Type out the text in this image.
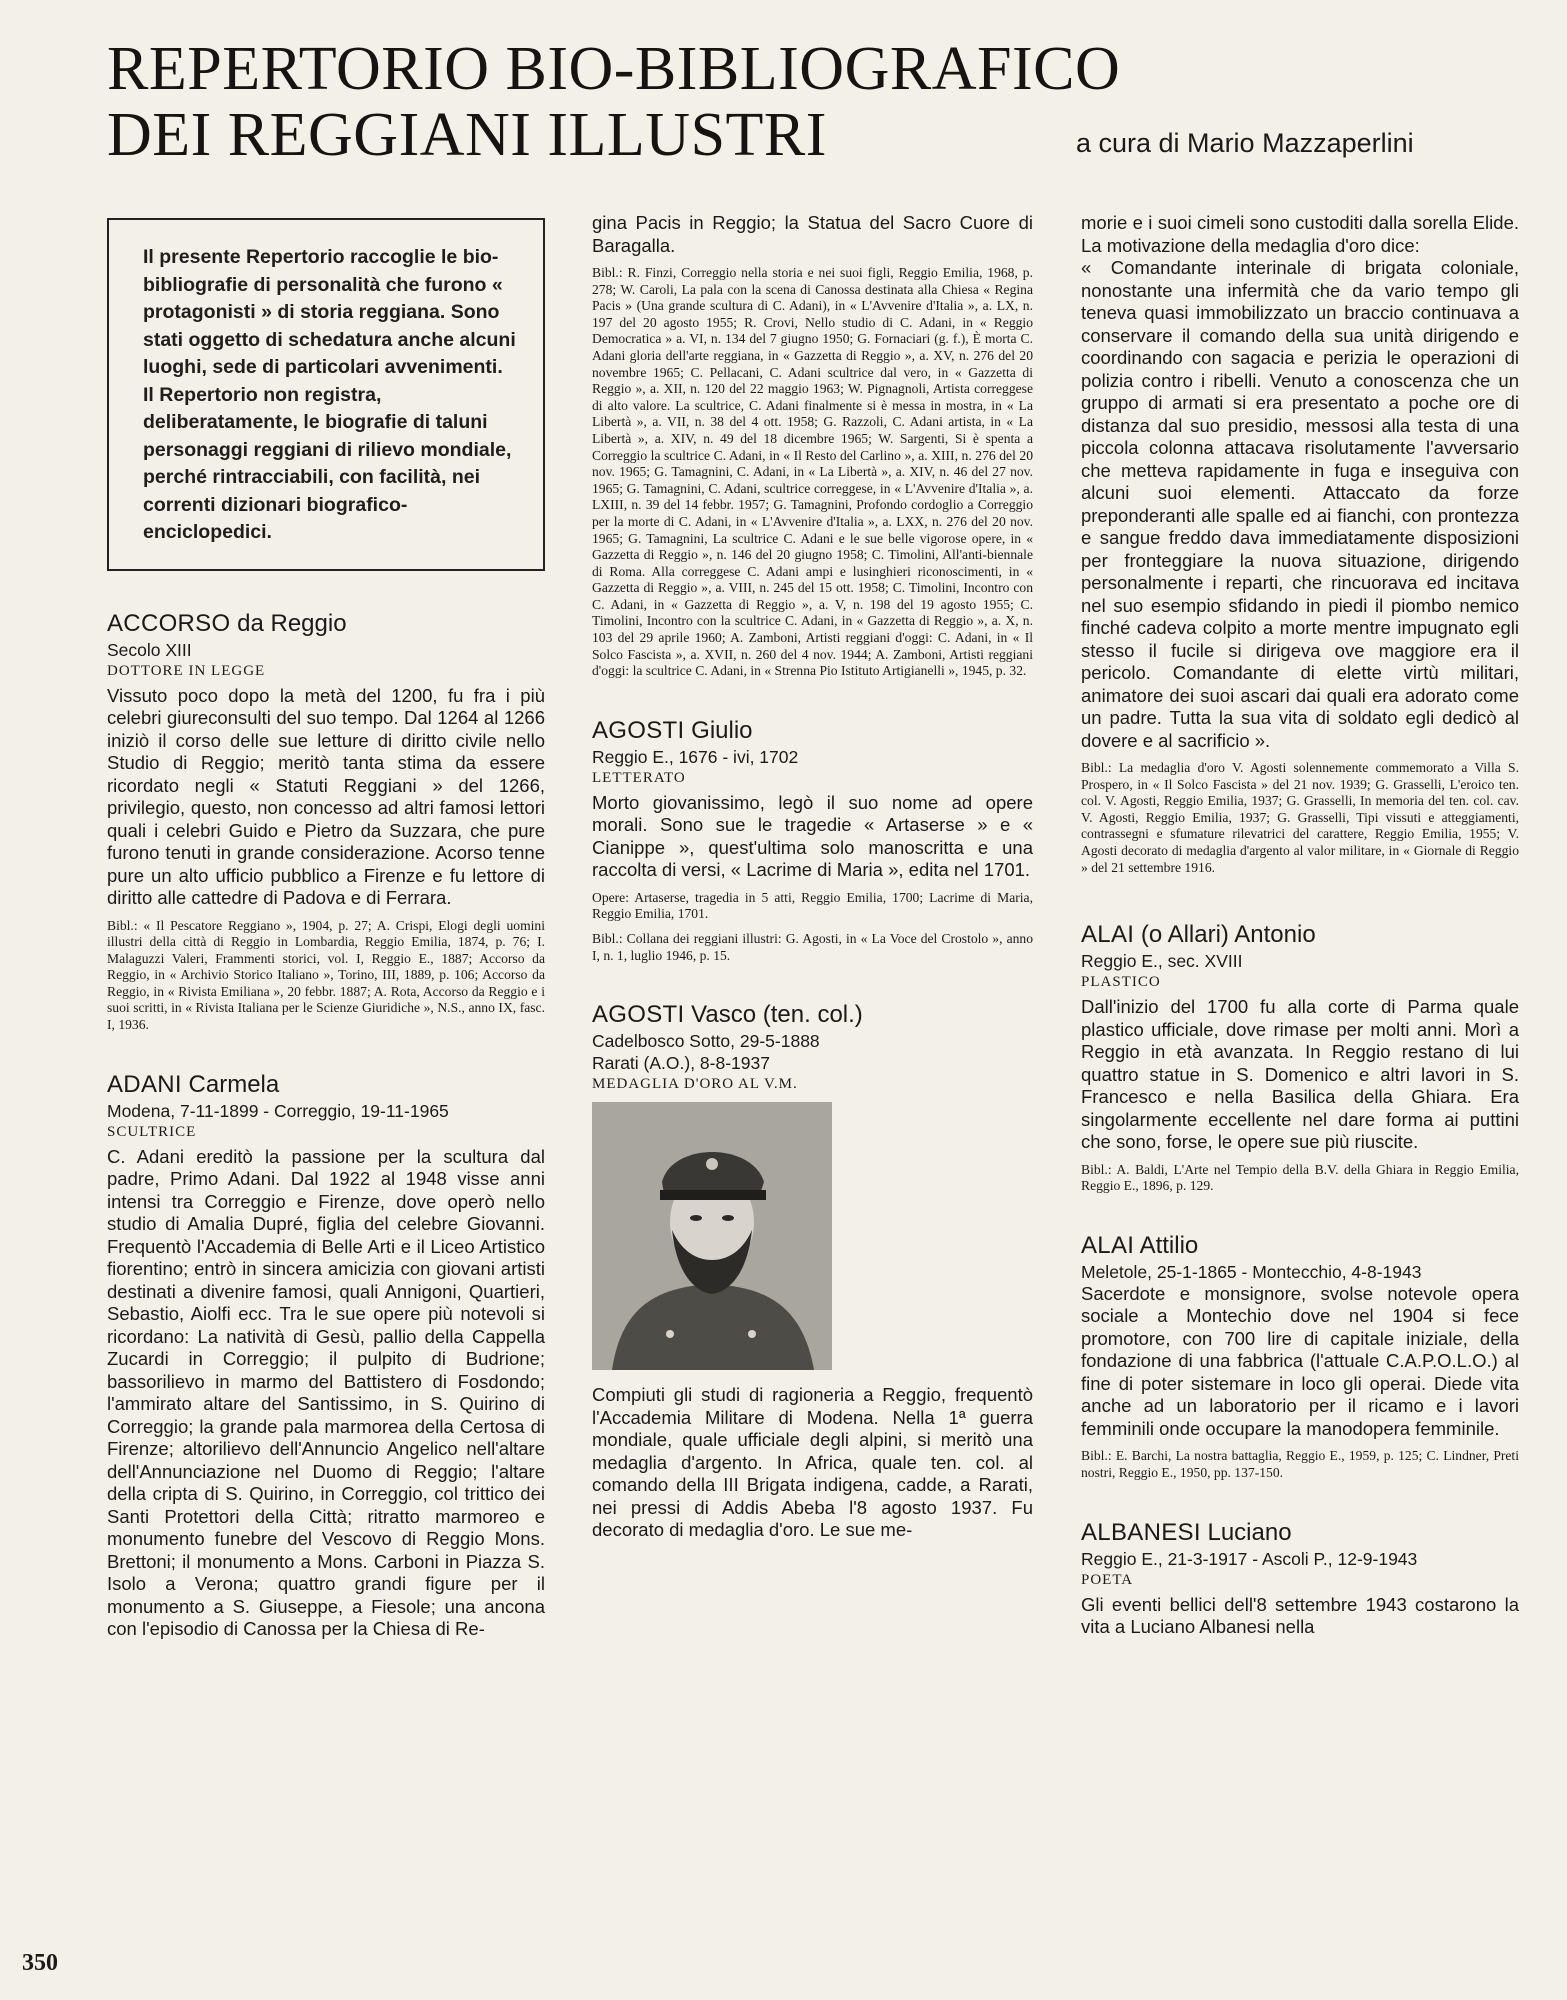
REPERTORIO BIO-BIBLIOGRAFICO
DEI REGGIANI ILLUSTRI	a cura di Mario Mazzaperlini
Il presente Repertorio raccoglie le bio-bibliografie di personalità che furono « protagonisti » di storia reggiana. Sono stati oggetto di schedatura anche alcuni luoghi, sede di particolari avvenimenti. Il Repertorio non registra, deliberatamente, le biografie di taluni personaggi reggiani di rilievo mondiale, perché rintracciabili, con facilità, nei correnti dizionari biografico-enciclopedici.

ACCORSO da Reggio

Secolo XIII

DOTTORE IN LEGGE

Vissuto poco dopo la metà del 1200, fu fra i più celebri giureconsulti del suo tempo. Dal 1264 al 1266 iniziò il corso delle sue letture di diritto civile nello Studio di Reggio; meritò tanta stima da essere ricordato negli « Statuti Reggiani » del 1266, privilegio, questo, non concesso ad altri famosi lettori quali i celebri Guido e Pietro da Suzzara, che pure furono tenuti in grande considerazione. Acorso tenne pure un alto ufficio pubblico a Firenze e fu lettore di diritto alle cattedre di Padova e di Ferrara.

Bibl.: « Il Pescatore Reggiano », 1904, p. 27; A. Crispi, Elogi degli uomini illustri della città di Reggio in Lombardia, Reggio Emilia, 1874, p. 76; I. Malaguzzi Valeri, Frammenti storici, vol. I, Reggio E., 1887; Accorso da Reggio, in « Archivio Storico Italiano », Torino, III, 1889, p. 106; Accorso da Reggio, in « Rivista Emiliana », 20 febbr. 1887; A. Rota, Accorso da Reggio e i suoi scritti, in « Rivista Italiana per le Scienze Giuridiche », N.S., anno IX, fasc. I, 1936.

ADANI Carmela

Modena, 7-11-1899 - Correggio, 19-11-1965

SCULTRICE

C. Adani ereditò la passione per la scultura dal padre, Primo Adani. Dal 1922 al 1948 visse anni intensi tra Correggio e Firenze, dove operò nello studio di Amalia Dupré, figlia del celebre Giovanni. Frequentò l'Accademia di Belle Arti e il Liceo Artistico fiorentino; entrò in sincera amicizia con giovani artisti destinati a divenire famosi, quali Annigoni, Quartieri, Sebastio, Aiolfi ecc. Tra le sue opere più notevoli si ricordano: La natività di Gesù, pallio della Cappella Zucardi in Correggio; il pulpito di Budrione; bassorilievo in marmo del Battistero di Fosdondo; l'ammirato altare del Santissimo, in S. Quirino di Correggio; la grande pala marmorea della Certosa di Firenze; altorilievo dell'Annuncio Angelico nell'altare dell'Annunciazione nel Duomo di Reggio; l'altare della cripta di S. Quirino, in Correggio, col trittico dei Santi Protettori della Città; ritratto marmoreo e monumento funebre del Vescovo di Reggio Mons. Brettoni; il monumento a Mons. Carboni in Piazza S. Isolo a Verona; quattro grandi figure per il monumento a S. Giuseppe, a Fiesole; una ancona con l'episodio di Canossa per la Chiesa di Re-

gina Pacis in Reggio; la Statua del Sacro Cuore di Baragalla.

Bibl.: R. Finzi, Correggio nella storia e nei suoi figli, Reggio Emilia, 1968, p. 278; W. Caroli, La pala con la scena di Canossa destinata alla Chiesa « Regina Pacis » (Una grande scultura di C. Adani), in « L'Avvenire d'Italia », a. LX, n. 197 del 20 agosto 1955; R. Crovi, Nello studio di C. Adani, in « Reggio Democratica » a. VI, n. 134 del 7 giugno 1950; G. Fornaciari (g. f.), È morta C. Adani gloria dell'arte reggiana, in « Gazzetta di Reggio », a. XV, n. 276 del 20 novembre 1965; C. Pellacani, C. Adani scultrice dal vero, in « Gazzetta di Reggio », a. XII, n. 120 del 22 maggio 1963; W. Pignagnoli, Artista correggese di alto valore. La scultrice, C. Adani finalmente si è messa in mostra, in « La Libertà », a. VII, n. 38 del 4 ott. 1958; G. Razzoli, C. Adani artista, in « La Libertà », a. XIV, n. 49 del 18 dicembre 1965; W. Sargenti, Si è spenta a Correggio la scultrice C. Adani, in « Il Resto del Carlino », a. XIII, n. 276 del 20 nov. 1965; G. Tamagnini, C. Adani, in « La Libertà », a. XIV, n. 46 del 27 nov. 1965; G. Tamagnini, C. Adani, scultrice correggese, in « L'Avvenire d'Italia », a. LXIII, n. 39 del 14 febbr. 1957; G. Tamagnini, Profondo cordoglio a Correggio per la morte di C. Adani, in « L'Avvenire d'Italia », a. LXX, n. 276 del 20 nov. 1965; G. Tamagnini, La scultrice C. Adani e le sue belle vigorose opere, in « Gazzetta di Reggio », n. 146 del 20 giugno 1958; C. Timolini, All'anti-biennale di Roma. Alla correggese C. Adani ampi e lusinghieri riconoscimenti, in « Gazzetta di Reggio », a. VIII, n. 245 del 15 ott. 1958; C. Timolini, Incontro con C. Adani, in « Gazzetta di Reggio », a. V, n. 198 del 19 agosto 1955; C. Timolini, Incontro con la scultrice C. Adani, in « Gazzetta di Reggio », a. X, n. 103 del 29 aprile 1960; A. Zamboni, Artisti reggiani d'oggi: C. Adani, in « Il Solco Fascista », a. XVII, n. 260 del 4 nov. 1944; A. Zamboni, Artisti reggiani d'oggi: la scultrice C. Adani, in « Strenna Pio Istituto Artigianelli », 1945, p. 32.

AGOSTI Giulio

Reggio E., 1676 - ivi, 1702

LETTERATO

Morto giovanissimo, legò il suo nome ad opere morali. Sono sue le tragedie « Artaserse » e « Cianippe », quest'ultima solo manoscritta e una raccolta di versi, « Lacrime di Maria », edita nel 1701.

Opere: Artaserse, tragedia in 5 atti, Reggio Emilia, 1700; Lacrime di Maria, Reggio Emilia, 1701.

Bibl.: Collana dei reggiani illustri: G. Agosti, in « La Voce del Crostolo », anno I, n. 1, luglio 1946, p. 15.

AGOSTI Vasco (ten. col.)

Cadelbosco Sotto, 29-5-1888

Rarati (A.O.), 8-8-1937

MEDAGLIA D'ORO AL V.M.

Compiuti gli studi di ragioneria a Reggio, frequentò l'Accademia Militare di Modena. Nella 1ª guerra mondiale, quale ufficiale degli alpini, si meritò una medaglia d'argento. In Africa, quale ten. col. al comando della III Brigata indigena, cadde, a Rarati, nei pressi di Addis Abeba l'8 agosto 1937. Fu decorato di medaglia d'oro. Le sue me-

morie e i suoi cimeli sono custoditi dalla sorella Elide. La motivazione della medaglia d'oro dice:

« Comandante interinale di brigata coloniale, nonostante una infermità che da vario tempo gli teneva quasi immobilizzato un braccio continuava a conservare il comando della sua unità dirigendo e coordinando con sagacia e perizia le operazioni di polizia contro i ribelli. Venuto a conoscenza che un gruppo di armati si era presentato a poche ore di distanza dal suo presidio, messosi alla testa di una piccola colonna attacava risolutamente l'avversario che metteva rapidamente in fuga e inseguiva con alcuni suoi elementi. Attaccato da forze preponderanti alle spalle ed ai fianchi, con prontezza e sangue freddo dava immediatamente disposizioni per fronteggiare la nuova situazione, dirigendo personalmente i reparti, che rincuorava ed incitava nel suo esempio sfidando in piedi il piombo nemico finché cadeva colpito a morte mentre impugnato egli stesso il fucile si dirigeva ove maggiore era il pericolo. Comandante di elette virtù militari, animatore dei suoi ascari dai quali era adorato come un padre. Tutta la sua vita di soldato egli dedicò al dovere e al sacrificio ».

Bibl.: La medaglia d'oro V. Agosti solennemente commemorato a Villa S. Prospero, in « Il Solco Fascista » del 21 nov. 1939; G. Grasselli, L'eroico ten. col. V. Agosti, Reggio Emilia, 1937; G. Grasselli, In memoria del ten. col. cav. V. Agosti, Reggio Emilia, 1937; G. Grasselli, Tipi vissuti e atteggiamenti, contrassegni e sfumature rilevatrici del carattere, Reggio Emilia, 1955; V. Agosti decorato di medaglia d'argento al valor militare, in « Giornale di Reggio » del 21 settembre 1916.

ALAI (o Allari) Antonio

Reggio E., sec. XVIII

PLASTICO

Dall'inizio del 1700 fu alla corte di Parma quale plastico ufficiale, dove rimase per molti anni. Morì a Reggio in età avanzata. In Reggio restano di lui quattro statue in S. Domenico e altri lavori in S. Francesco e nella Basilica della Ghiara. Era singolarmente eccellente nel dare forma ai puttini che sono, forse, le opere sue più riuscite.

Bibl.: A. Baldi, L'Arte nel Tempio della B.V. della Ghiara in Reggio Emilia, Reggio E., 1896, p. 129.

ALAI Attilio

Meletole, 25-1-1865 - Montecchio, 4-8-1943

Sacerdote e monsignore, svolse notevole opera sociale a Montechio dove nel 1904 si fece promotore, con 700 lire di capitale iniziale, della fondazione di una fabbrica (l'attuale C.A.P.O.L.O.) al fine di poter sistemare in loco gli operai. Diede vita anche ad un laboratorio per il ricamo e i lavori femminili onde occupare la manodopera femminile.

Bibl.: E. Barchi, La nostra battaglia, Reggio E., 1959, p. 125; C. Lindner, Preti nostri, Reggio E., 1950, pp. 137-150.

ALBANESI Luciano

Reggio E., 21-3-1917 - Ascoli P., 12-9-1943

POETA

Gli eventi bellici dell'8 settembre 1943 costarono la vita a Luciano Albanesi nella

350
